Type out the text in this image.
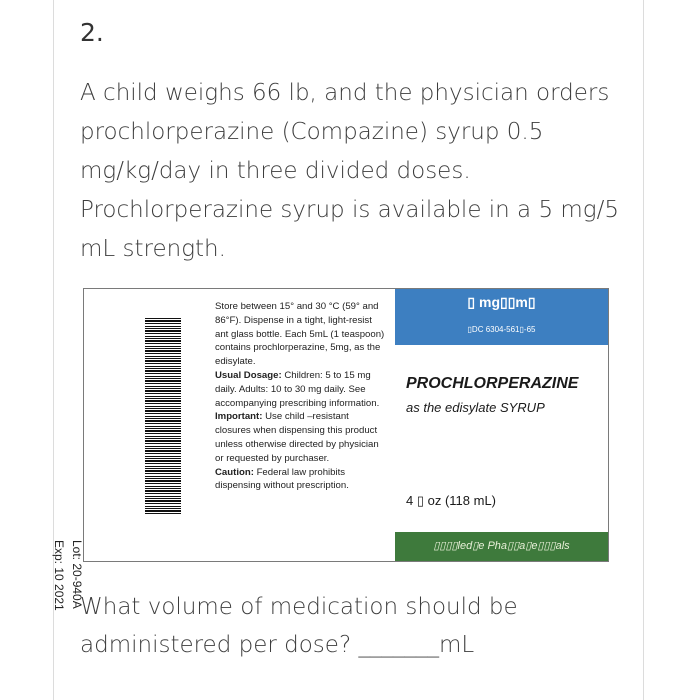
2.
A child weighs 66 lb, and the physician orders
prochlorperazine (Compazine) syrup 0.5
mg/kg/day in three divided doses.
Prochlorperazine syrup is available in a 5 mg/5
mL strength.
Lot: 20-940A
Exp: 10 2021
Store between 15° and 30 °C (59° and 86°F). Dispense in a tight, light-resist ant glass bottle. Each 5mL (1 teaspoon) contains prochlorperazine, 5mg, as the edisylate.
Usual Dosage: Children: 5 to 15 mg daily. Adults: 10 to 30 mg daily. See accompanying prescribing information.
Important: Use child –resistant closures when dispensing this product unless otherwise directed by physician or requested by purchaser.
Caution: Federal law prohibits dispensing without prescription.
▯ mg▯▯m▯
▯DC 6304-561▯-65
PROCHLORPERAZINE
as the edisylate SYRUP
4 ▯ oz (118 mL)
▯▯▯▯led▯e Pha▯▯a▯e▯▯▯als
What volume of medication should be
administered per dose? _______mL
